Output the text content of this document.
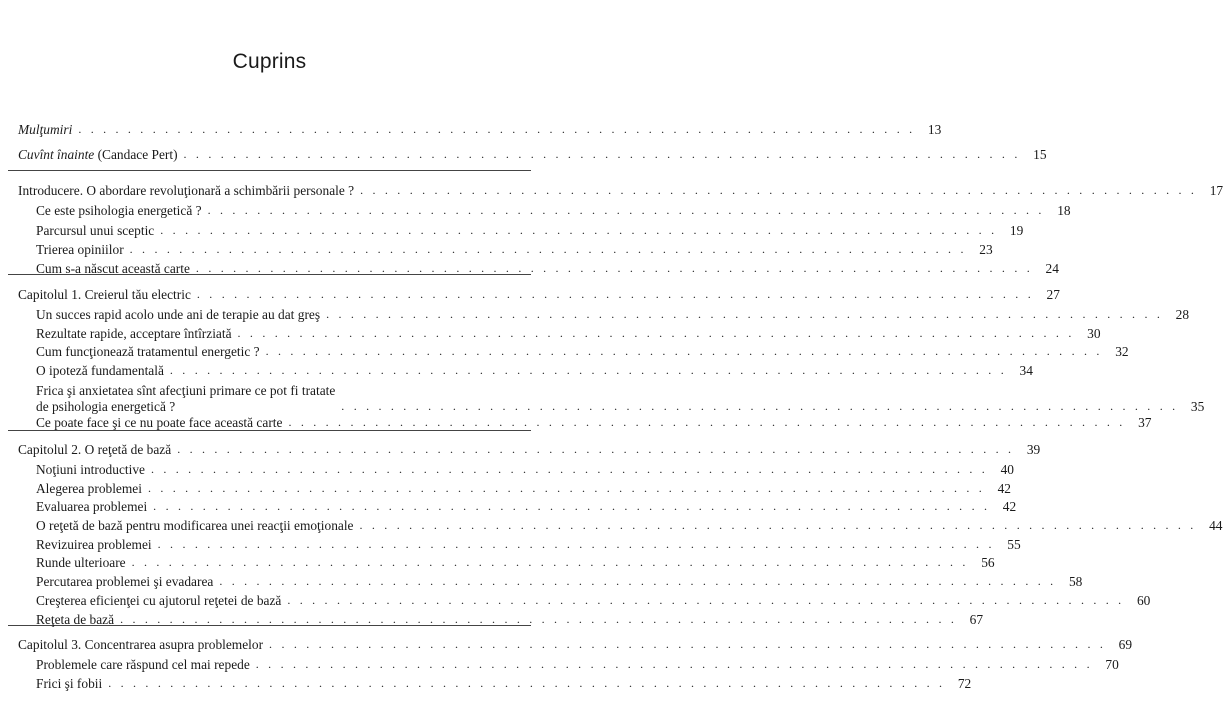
Cuprins
Mulţumiri . . . . . . . . . . . . . . . . . . . . . . . . . . . . . . . . . . . . . . . . . . . . . . . . . . . . . . . . . . . . . . . . . . . . 13
Cuvînt înainte (Candace Pert) . . . . . . . . . . . . . . . . . . . . . . . . . . . . . . . . . . . . . . . . . . . . . . . . . . . . . . . . . . . . . . . . . . . . 15
Introducere. O abordare revoluţionară a schimbării personale ? . . . . . . . . . . . . . . . . . . . . . . . . . . . . . . . . . . . . . . . . . . . . . . . . . . . . . . . . . . . . . . . . . . . . 17
Ce este psihologia energetică ? . . . . . . . . . . . . . . . . . . . . . . . . . . . . . . . . . . . . . . . . . . . . . . . . . . . . . . . . . . . . . . . . . . . . 18
Parcursul unui sceptic . . . . . . . . . . . . . . . . . . . . . . . . . . . . . . . . . . . . . . . . . . . . . . . . . . . . . . . . . . . . . . . . . . . . 19
Trierea opiniilor . . . . . . . . . . . . . . . . . . . . . . . . . . . . . . . . . . . . . . . . . . . . . . . . . . . . . . . . . . . . . . . . . . . . 23
Cum s-a născut această carte . . . . . . . . . . . . . . . . . . . . . . . . . . . . . . . . . . . . . . . . . . . . . . . . . . . . . . . . . . . . . . . . . . . . 24
Capitolul 1. Creierul tău electric . . . . . . . . . . . . . . . . . . . . . . . . . . . . . . . . . . . . . . . . . . . . . . . . . . . . . . . . . . . . . . . . . . . . 27
Un succes rapid acolo unde ani de terapie au dat greş . . . . . . . . . . . . . . . . . . . . . . . . . . . . . . . . . . . . . . . . . . . . . . . . . . . . . . . . . . . . . . . . . . . . 28
Rezultate rapide, acceptare întîrziată . . . . . . . . . . . . . . . . . . . . . . . . . . . . . . . . . . . . . . . . . . . . . . . . . . . . . . . . . . . . . . . . . . . . 30
Cum funcţionează tratamentul energetic ? . . . . . . . . . . . . . . . . . . . . . . . . . . . . . . . . . . . . . . . . . . . . . . . . . . . . . . . . . . . . . . . . . . . . 32
O ipoteză fundamentală . . . . . . . . . . . . . . . . . . . . . . . . . . . . . . . . . . . . . . . . . . . . . . . . . . . . . . . . . . . . . . . . . . . . 34
Frica şi anxietatea sînt afecţiuni primare ce pot fi tratate
de psihologia energetică ?	. . . . . . . . . . . . . . . . . . . . . . . . . . . . . . . . . . . . . . . . . . . . . . . . . . . . . . . . . . . . . . . . . . . . 35
Ce poate face şi ce nu poate face această carte . . . . . . . . . . . . . . . . . . . . . . . . . . . . . . . . . . . . . . . . . . . . . . . . . . . . . . . . . . . . . . . . . . . . 37
Capitolul 2. O reţetă de bază . . . . . . . . . . . . . . . . . . . . . . . . . . . . . . . . . . . . . . . . . . . . . . . . . . . . . . . . . . . . . . . . . . . . 39
Noţiuni introductive . . . . . . . . . . . . . . . . . . . . . . . . . . . . . . . . . . . . . . . . . . . . . . . . . . . . . . . . . . . . . . . . . . . . 40
Alegerea problemei . . . . . . . . . . . . . . . . . . . . . . . . . . . . . . . . . . . . . . . . . . . . . . . . . . . . . . . . . . . . . . . . . . . . 42
Evaluarea problemei . . . . . . . . . . . . . . . . . . . . . . . . . . . . . . . . . . . . . . . . . . . . . . . . . . . . . . . . . . . . . . . . . . . . 42
O reţetă de bază pentru modificarea unei reacţii emoţionale . . . . . . . . . . . . . . . . . . . . . . . . . . . . . . . . . . . . . . . . . . . . . . . . . . . . . . . . . . . . . . . . . . . . 44
Revizuirea problemei . . . . . . . . . . . . . . . . . . . . . . . . . . . . . . . . . . . . . . . . . . . . . . . . . . . . . . . . . . . . . . . . . . . . 55
Runde ulterioare . . . . . . . . . . . . . . . . . . . . . . . . . . . . . . . . . . . . . . . . . . . . . . . . . . . . . . . . . . . . . . . . . . . . 56
Percutarea problemei şi evadarea . . . . . . . . . . . . . . . . . . . . . . . . . . . . . . . . . . . . . . . . . . . . . . . . . . . . . . . . . . . . . . . . . . . . 58
Creşterea eficienţei cu ajutorul reţetei de bază . . . . . . . . . . . . . . . . . . . . . . . . . . . . . . . . . . . . . . . . . . . . . . . . . . . . . . . . . . . . . . . . . . . . 60
Reţeta de bază . . . . . . . . . . . . . . . . . . . . . . . . . . . . . . . . . . . . . . . . . . . . . . . . . . . . . . . . . . . . . . . . . . . . 67
Capitolul 3. Concentrarea asupra problemelor . . . . . . . . . . . . . . . . . . . . . . . . . . . . . . . . . . . . . . . . . . . . . . . . . . . . . . . . . . . . . . . . . . . . 69
Problemele care răspund cel mai repede . . . . . . . . . . . . . . . . . . . . . . . . . . . . . . . . . . . . . . . . . . . . . . . . . . . . . . . . . . . . . . . . . . . . 70
Frici şi fobii . . . . . . . . . . . . . . . . . . . . . . . . . . . . . . . . . . . . . . . . . . . . . . . . . . . . . . . . . . . . . . . . . . . . 72
